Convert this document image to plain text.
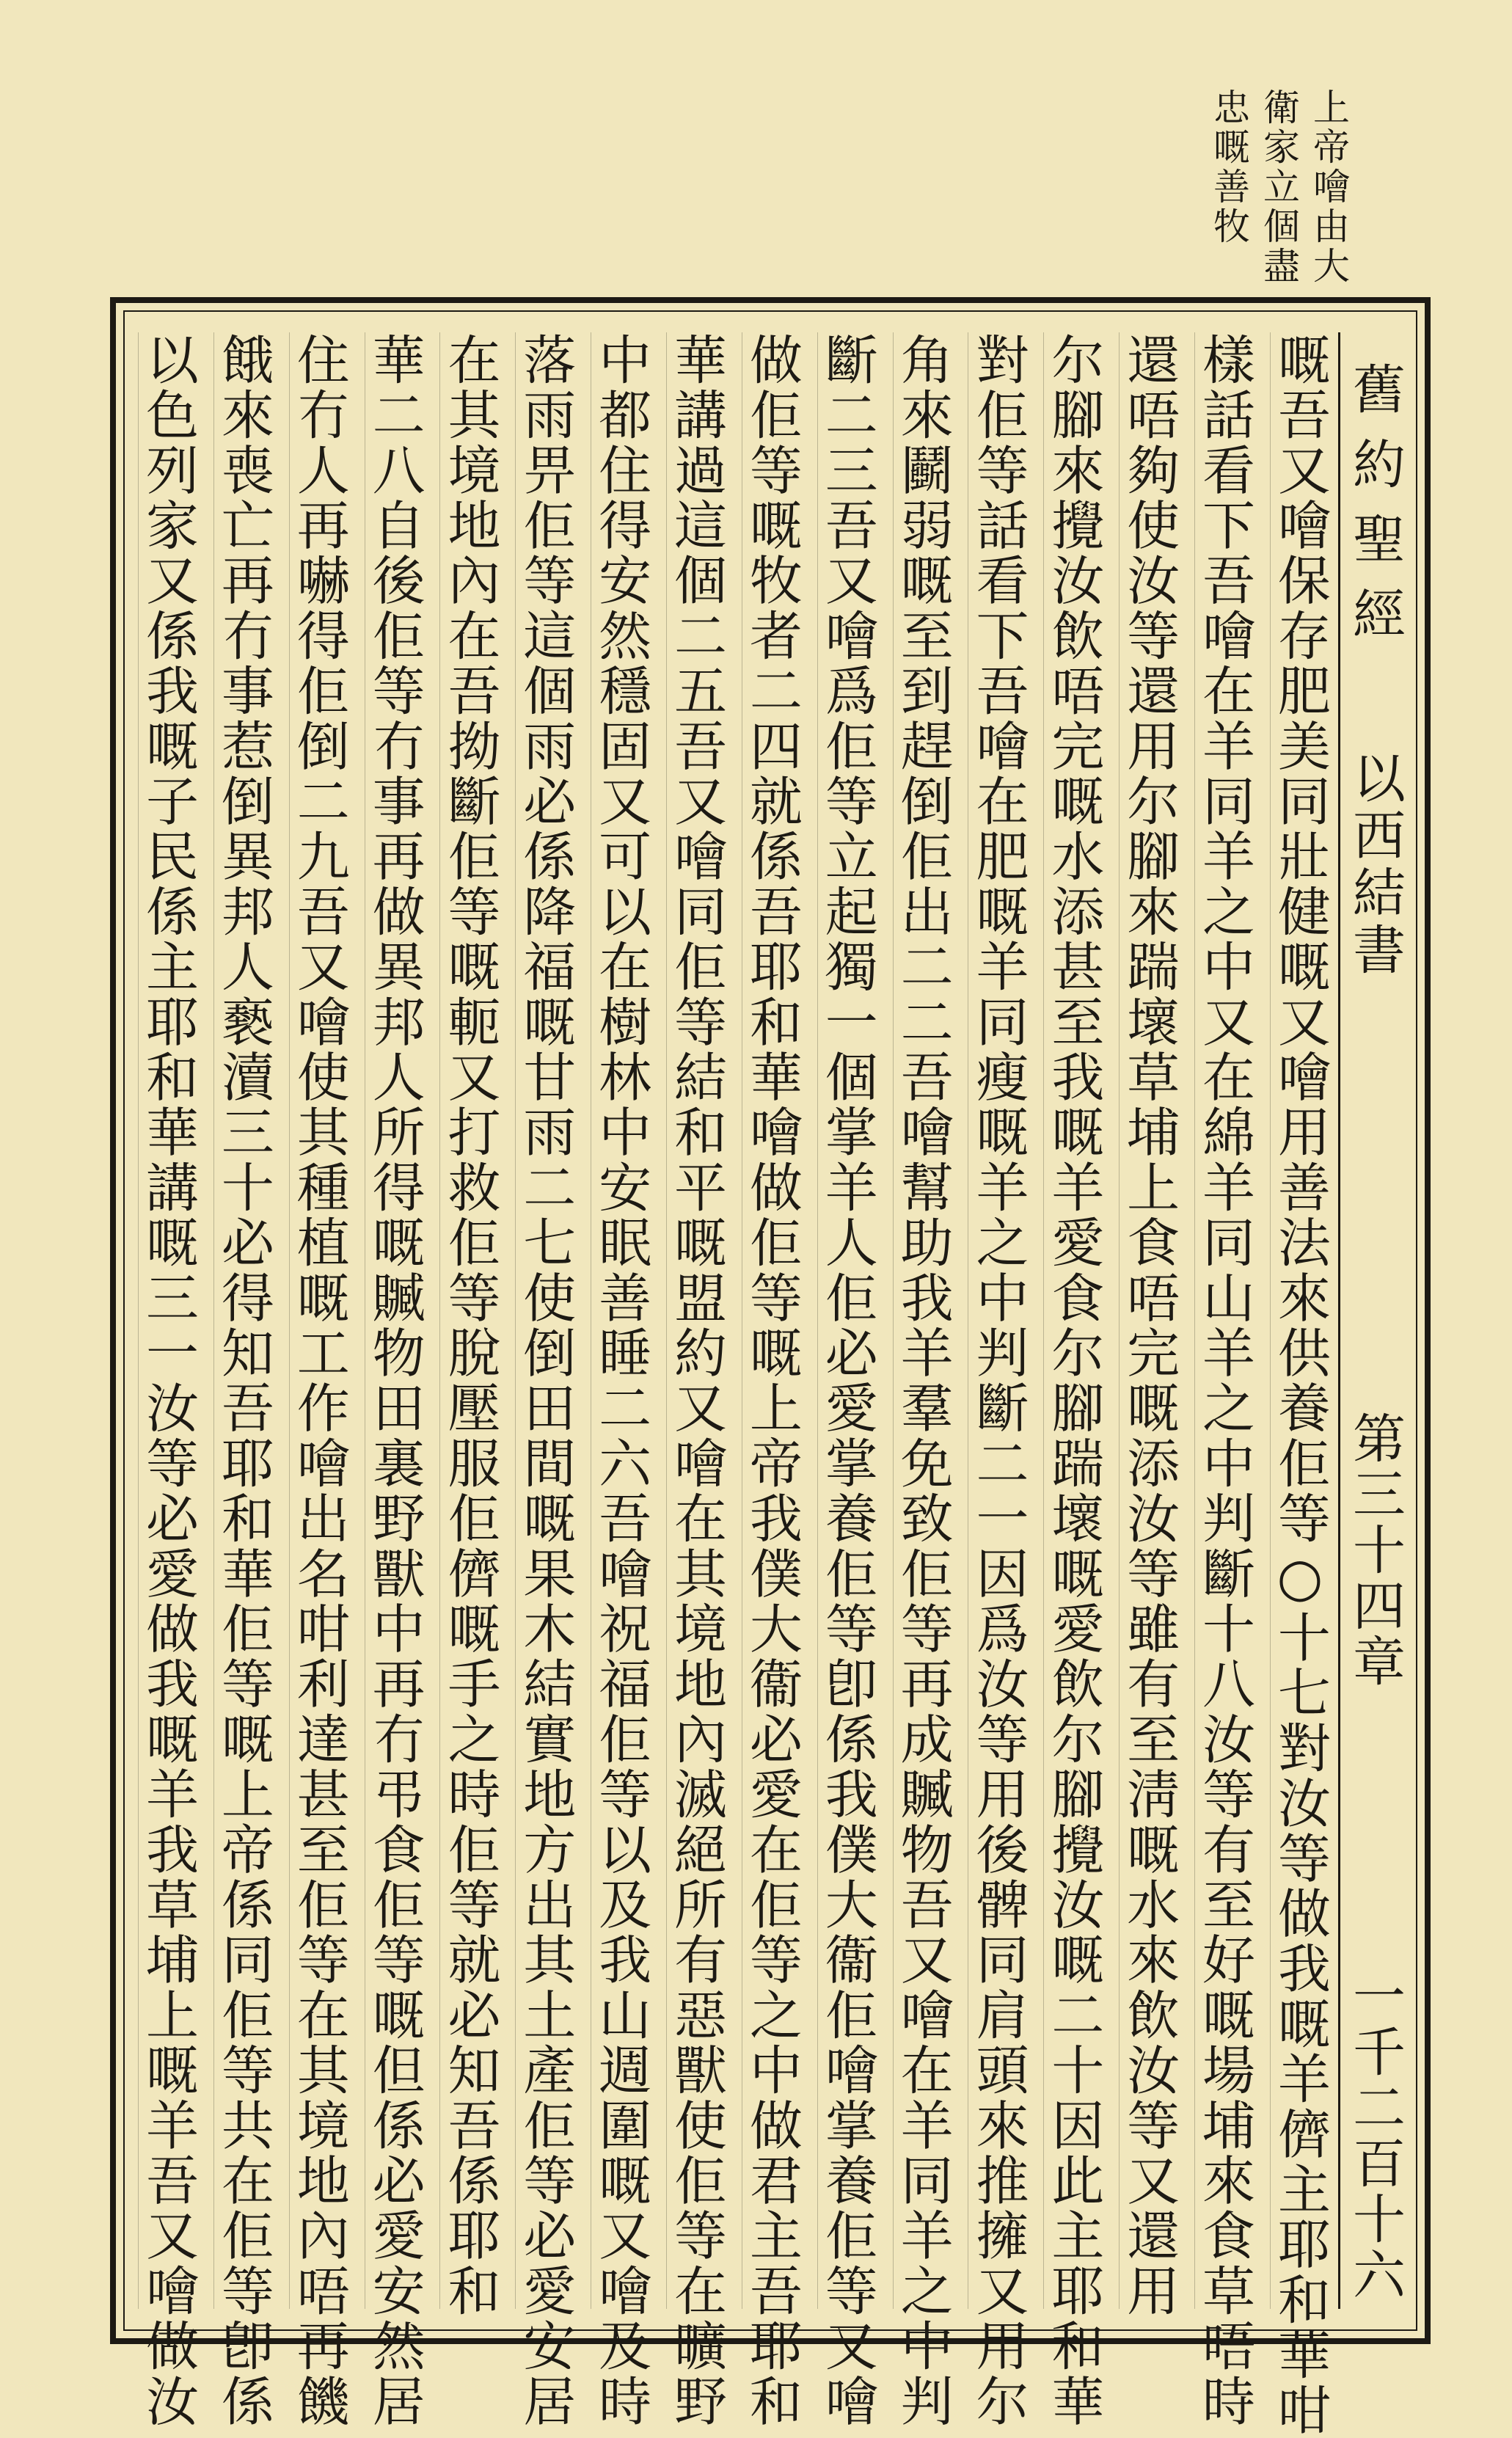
上帝噲由大
衛家立個盡
忠嘅善牧
舊約聖經
以西結書
第三十四章
一千二百十六
嘅吾又噲保存肥美同壯健嘅又噲用善法來供養佢等○十七對汝等做我嘅羊儕主耶和華咁
樣話看下吾噲在羊同羊之中又在綿羊同山羊之中判斷十八汝等有至好嘅場埔來食草唔時
還唔夠使汝等還用尔腳來踹壞草埔上食唔完嘅添汝等雖有至淸嘅水來飲汝等又還用
尔腳來攪汝飲唔完嘅水添甚至我嘅羊愛食尔腳踹壞嘅愛飲尔腳攪汝嘅二十因此主耶和華
對佢等話看下吾噲在肥嘅羊同瘦嘅羊之中判斷二一因爲汝等用後髀同肩頭來推擁又用尔
角來鬬弱嘅至到趕倒佢出二二吾噲幫助我羊羣免致佢等再成贓物吾又噲在羊同羊之中判
斷二三吾又噲爲佢等立起獨一個掌羊人佢必愛掌養佢等卽係我僕大衞佢噲掌養佢等又噲
做佢等嘅牧者二四就係吾耶和華噲做佢等嘅上帝我僕大衞必愛在佢等之中做君主吾耶和
華講過這個二五吾又噲同佢等結和平嘅盟約又噲在其境地內滅絕所有惡獸使佢等在曠野
中都住得安然穩固又可以在樹林中安眠善睡二六吾噲祝福佢等以及我山週圍嘅又噲及時
落雨畀佢等這個雨必係降福嘅甘雨二七使倒田間嘅果木結實地方出其土產佢等必愛安居
在其境地內在吾拗斷佢等嘅軛又打救佢等脫壓服佢儕嘅手之時佢等就必知吾係耶和
華二八自後佢等冇事再做異邦人所得嘅贓物田裏野獸中再冇弔食佢等嘅但係必愛安然居
住冇人再嚇得佢倒二九吾又噲使其種植嘅工作噲出名咁利達甚至佢等在其境地內唔再饑
餓來喪亡再冇事惹倒異邦人褻瀆三十必得知吾耶和華佢等嘅上帝係同佢等共在佢等卽係
以色列家又係我嘅子民係主耶和華講嘅三一汝等必愛做我嘅羊我草埔上嘅羊吾又噲做汝
